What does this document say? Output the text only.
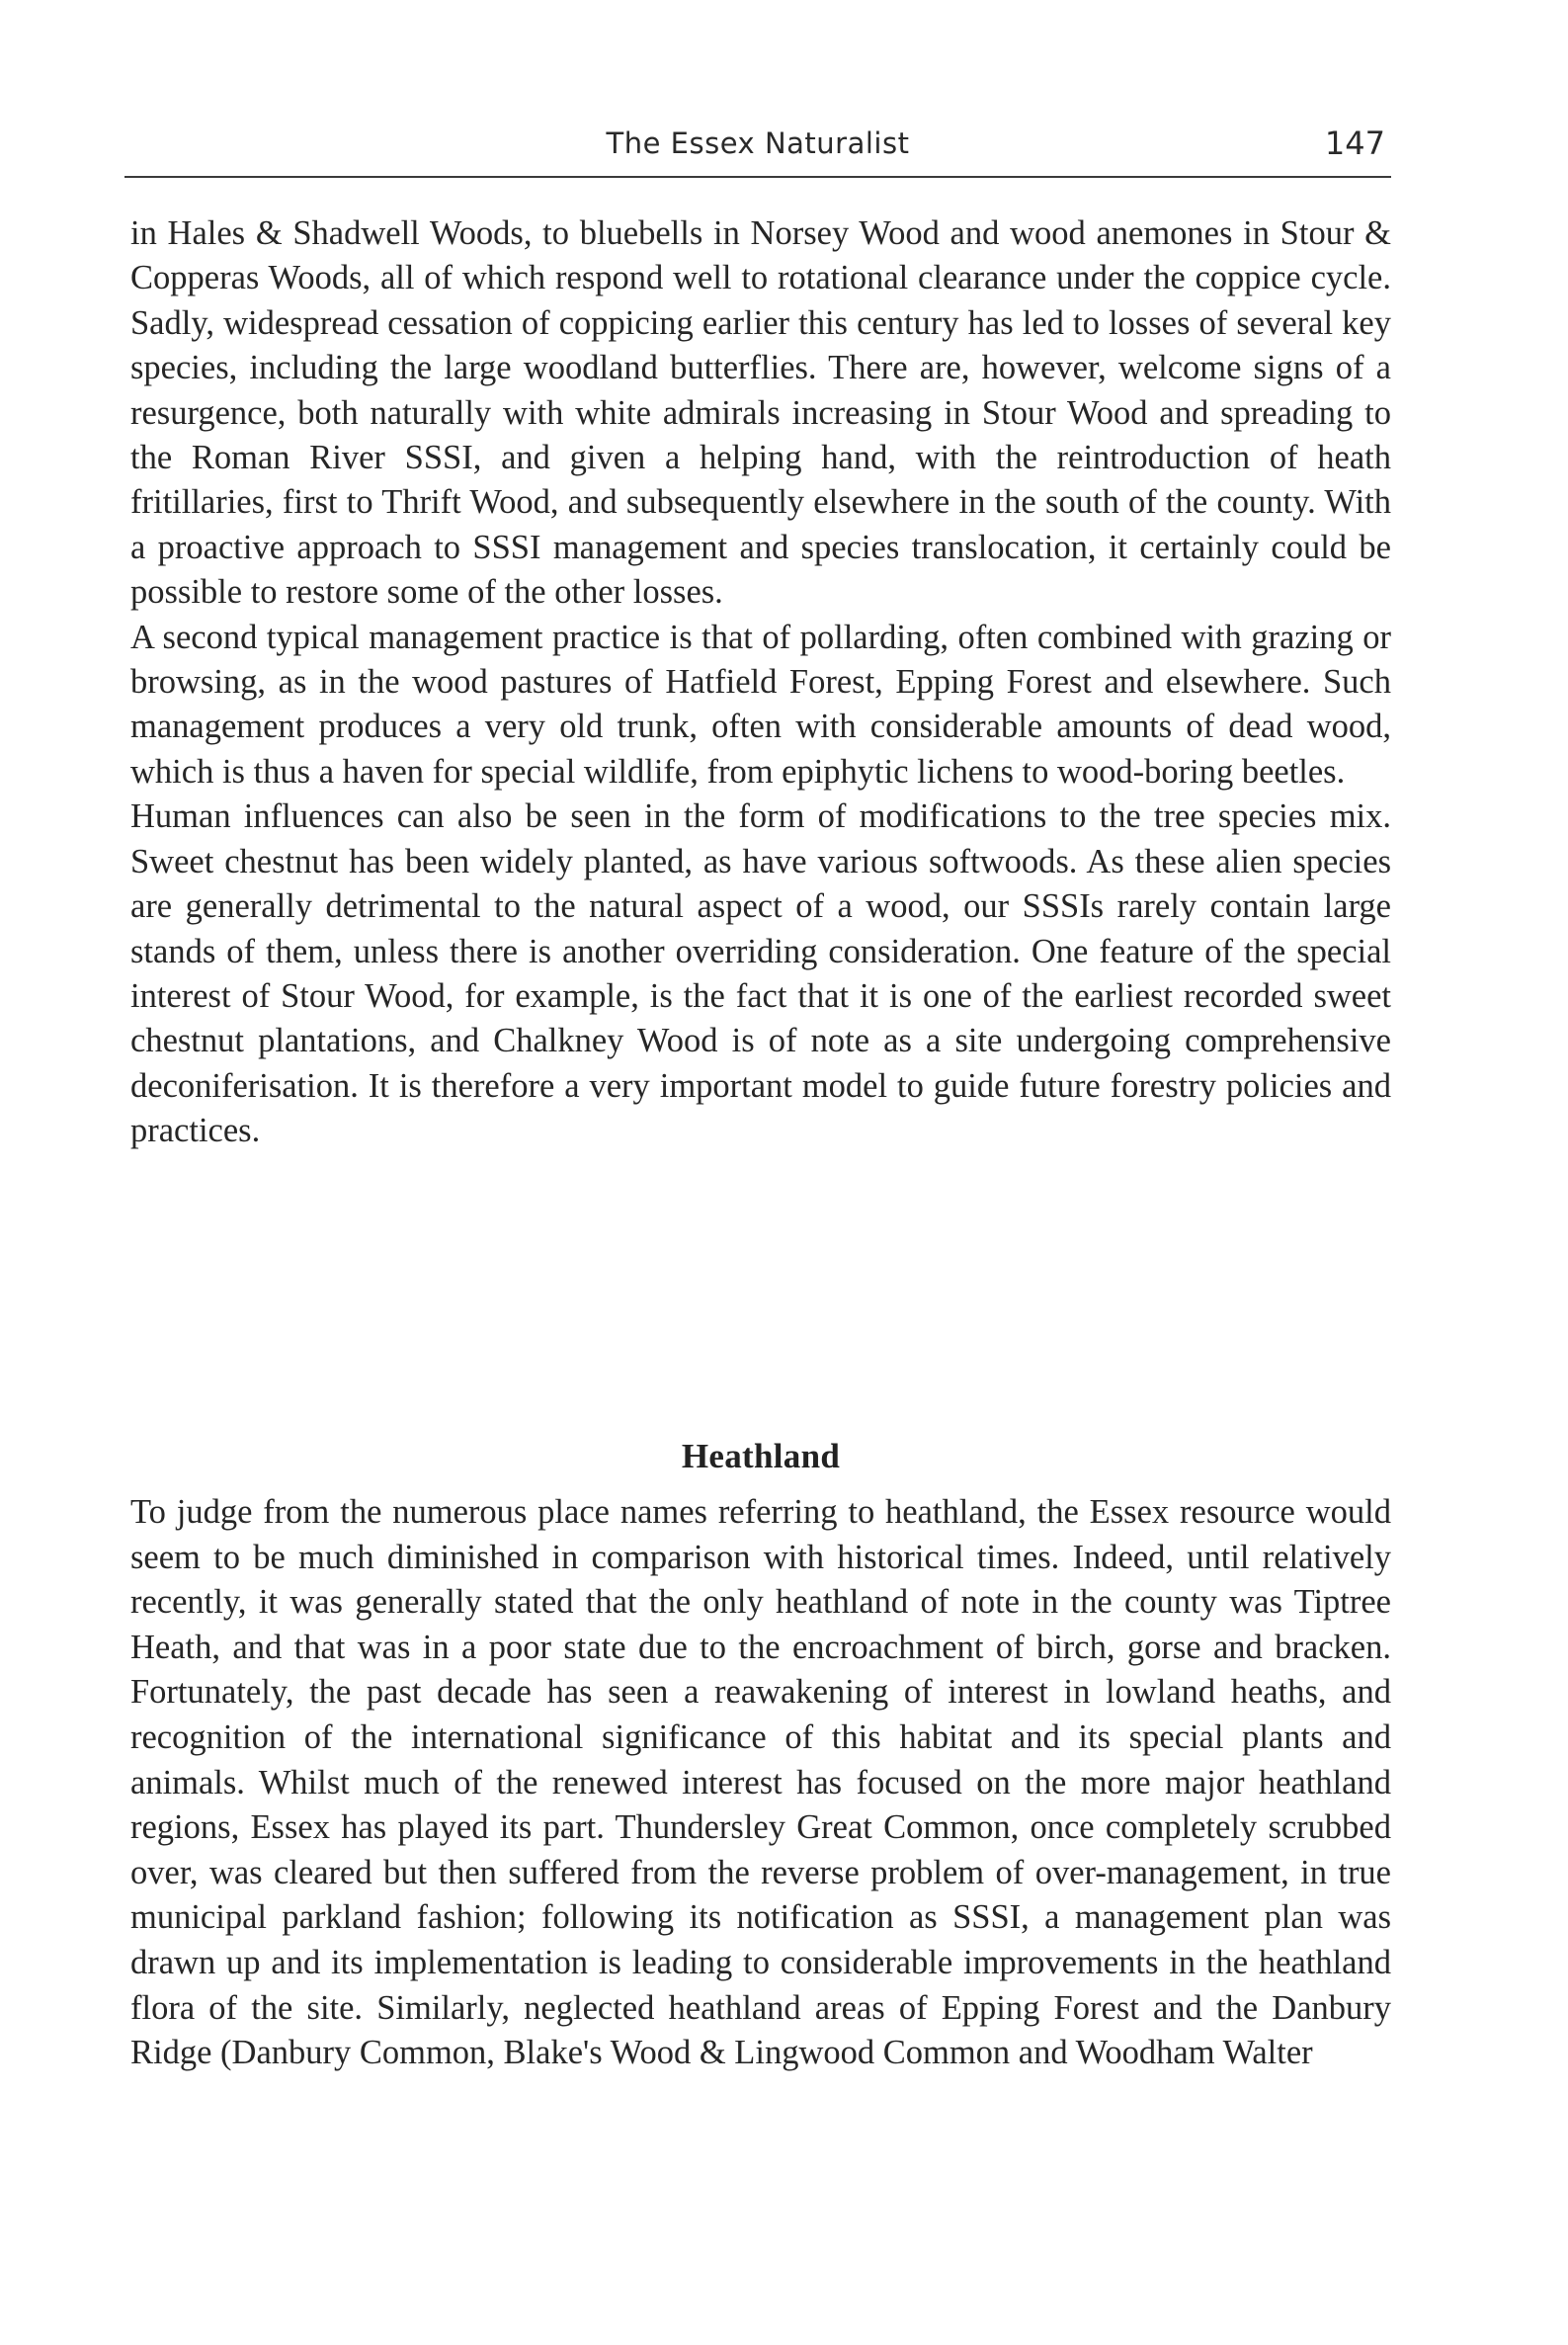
The Essex Naturalist	147

in Hales & Shadwell Woods, to bluebells in Norsey Wood and wood anemones in Stour & Copperas Woods, all of which respond well to rotational clearance under the coppice cycle. Sadly, widespread cessation of coppicing earlier this century has led to losses of several key species, including the large woodland butterflies. There are, however, welcome signs of a resurgence, both naturally with white admirals increasing in Stour Wood and spreading to the Roman River SSSI, and given a helping hand, with the reintroduction of heath fritillaries, first to Thrift Wood, and subsequently elsewhere in the south of the county. With a proactive approach to SSSI management and species translocation, it certainly could be possible to restore some of the other losses.

A second typical management practice is that of pollarding, often combined with grazing or browsing, as in the wood pastures of Hatfield Forest, Epping Forest and elsewhere. Such management produces a very old trunk, often with considerable amounts of dead wood, which is thus a haven for special wildlife, from epiphytic lichens to wood-boring beetles.

Human influences can also be seen in the form of modifications to the tree species mix. Sweet chestnut has been widely planted, as have various softwoods. As these alien species are generally detrimental to the natural aspect of a wood, our SSSIs rarely contain large stands of them, unless there is another overriding consideration. One feature of the special interest of Stour Wood, for example, is the fact that it is one of the earliest recorded sweet chestnut plantations, and Chalkney Wood is of note as a site undergoing comprehensive deconiferisation. It is therefore a very important model to guide future forestry policies and practices.

Heathland

To judge from the numerous place names referring to heathland, the Essex resource would seem to be much diminished in comparison with historical times. Indeed, until relatively recently, it was generally stated that the only heathland of note in the county was Tiptree Heath, and that was in a poor state due to the encroachment of birch, gorse and bracken. Fortunately, the past decade has seen a reawakening of interest in lowland heaths, and recognition of the international significance of this habitat and its special plants and animals. Whilst much of the renewed interest has focused on the more major heathland regions, Essex has played its part. Thundersley Great Common, once completely scrubbed over, was cleared but then suffered from the reverse problem of over-management, in true municipal parkland fashion; following its notification as SSSI, a management plan was drawn up and its implementation is leading to considerable improvements in the heathland flora of the site. Similarly, neglected heathland areas of Epping Forest and the Danbury Ridge (Danbury Common, Blake's Wood & Lingwood Common and Woodham Walter
